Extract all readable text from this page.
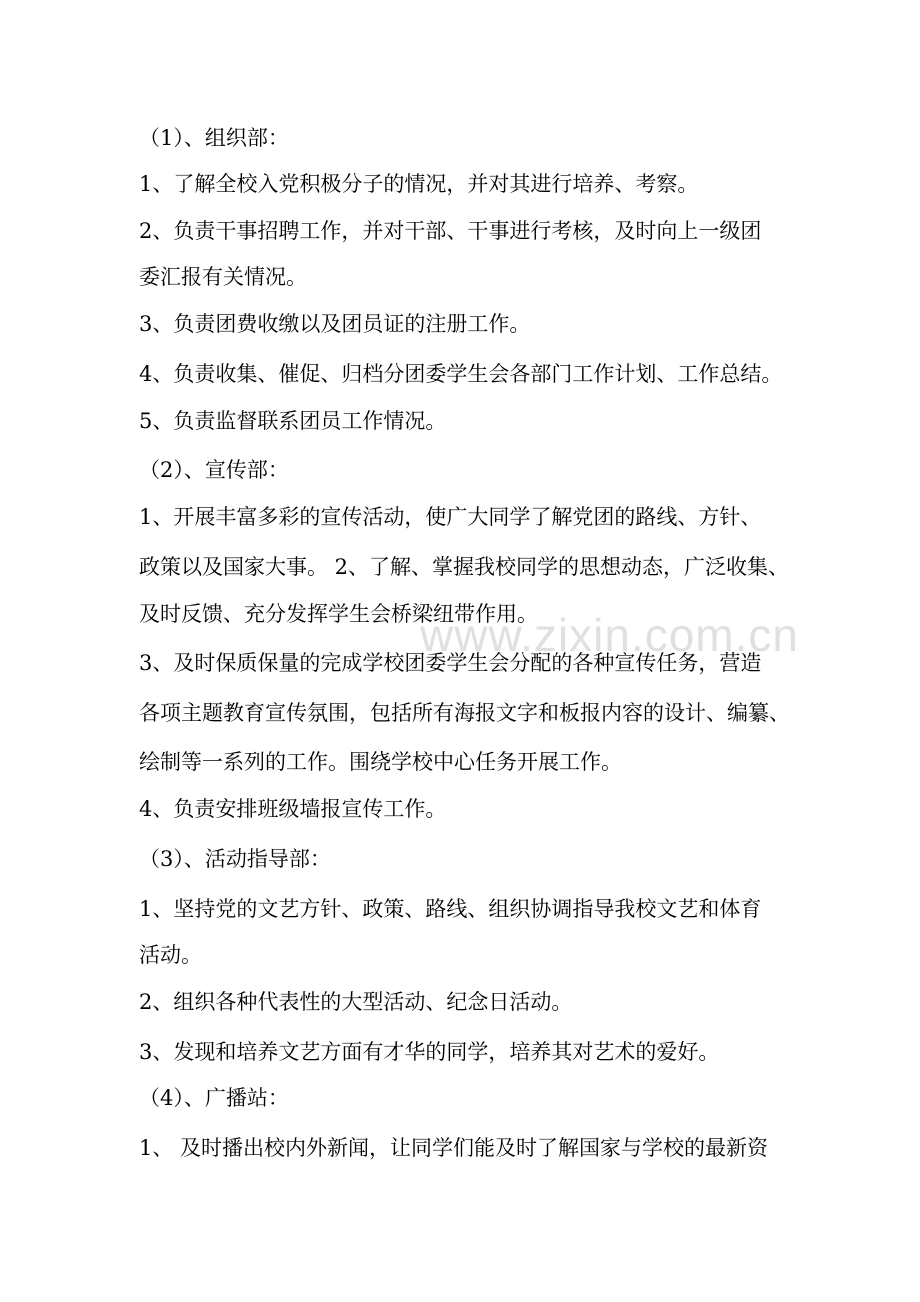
（1）、组织部：
1、了解全校入党积极分子的情况，并对其进行培养、考察。
2、负责干事招聘工作，并对干部、干事进行考核，及时向上一级团
委汇报有关情况。
3、负责团费收缴以及团员证的注册工作。
4、负责收集、催促、归档分团委学生会各部门工作计划、工作总结。
5、负责监督联系团员工作情况。
（2）、宣传部：
1、开展丰富多彩的宣传活动，使广大同学了解党团的路线、方针、
政策以及国家大事。 2、了解、掌握我校同学的思想动态，广泛收集、
及时反馈、充分发挥学生会桥梁纽带作用。
3、及时保质保量的完成学校团委学生会分配的各种宣传任务，营造
各项主题教育宣传氛围，包括所有海报文字和板报内容的设计、编纂、
绘制等一系列的工作。围绕学校中心任务开展工作。
4、负责安排班级墙报宣传工作。
（3）、活动指导部：
1、坚持党的文艺方针、政策、路线、组织协调指导我校文艺和体育
活动。
2、组织各种代表性的大型活动、纪念日活动。
3、发现和培养文艺方面有才华的同学，培养其对艺术的爱好。
（4）、广播站：
1、 及时播出校内外新闻，让同学们能及时了解国家与学校的最新资
www.zixin.com.cn
